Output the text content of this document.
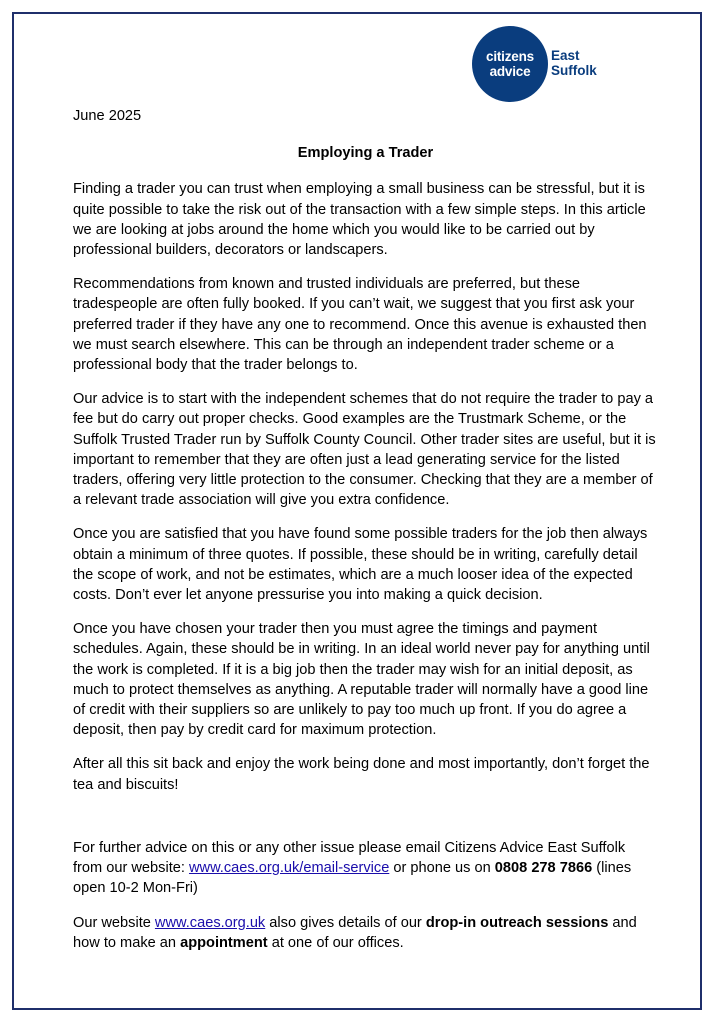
citizens
advice
East
Suffolk
June 2025
Employing a Trader

Finding a trader you can trust when employing a small business can be stressful, but it is quite possible to take the risk out of the transaction with a few simple steps. In this article we are looking at jobs around the home which you would like to be carried out by professional builders, decorators or landscapers.

Recommendations from known and trusted individuals are preferred, but these tradespeople are often fully booked. If you can’t wait, we suggest that you first ask your preferred trader if they have any one to recommend. Once this avenue is exhausted then we must search elsewhere. This can be through an independent trader scheme or a professional body that the trader belongs to.

Our advice is to start with the independent schemes that do not require the trader to pay a fee but do carry out proper checks. Good examples are the Trustmark Scheme, or the Suffolk Trusted Trader run by Suffolk County Council. Other trader sites are useful, but it is important to remember that they are often just a lead generating service for the listed traders, offering very little protection to the consumer. Checking that they are a member of a relevant trade association will give you extra confidence.

Once you are satisfied that you have found some possible traders for the job then always obtain a minimum of three quotes. If possible, these should be in writing, carefully detail the scope of work, and not be estimates, which are a much looser idea of the expected costs. Don’t ever let anyone pressurise you into making a quick decision.

Once you have chosen your trader then you must agree the timings and payment schedules. Again, these should be in writing. In an ideal world never pay for anything until the work is completed. If it is a big job then the trader may wish for an initial deposit, as much to protect themselves as anything. A reputable trader will normally have a good line of credit with their suppliers so are unlikely to pay too much up front. If you do agree a deposit, then pay by credit card for maximum protection.

After all this sit back and enjoy the work being done and most importantly, don’t forget the tea and biscuits!

For further advice on this or any other issue please email Citizens Advice East Suffolk from our website: www.caes.org.uk/email-service or phone us on 0808 278 7866 (lines open 10-2 Mon-Fri)

Our website www.caes.org.uk also gives details of our drop-in outreach sessions and how to make an appointment at one of our offices.
